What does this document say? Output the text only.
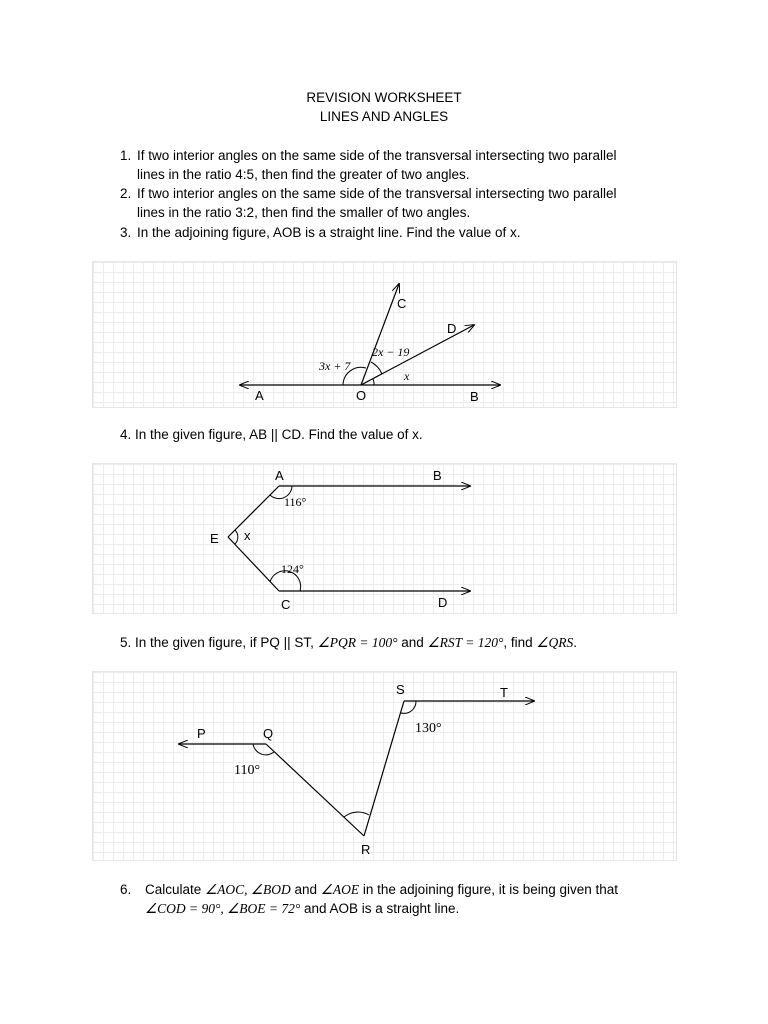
REVISION WORKSHEET
LINES AND ANGLES
1. If two interior angles on the same side of the transversal intersecting two parallel
lines in the ratio 4:5, then find the greater of two angles.
2. If two interior angles on the same side of the transversal intersecting two parallel
lines in the ratio 3:2, then find the smaller of two angles.
3. In the adjoining figure, AOB is a straight line. Find the value of x.
A	O	B
C
D
3x + 7
2x − 19
x
4. In the given figure, AB || CD. Find the value of x.
A	B
E x
C	D
116°
124°
5. In the given figure, if PQ || ST, ∠PQR = 100° and ∠RST = 120°, find ∠QRS.
P	Q
R
S	T
110°
130°
6. Calculate ∠AOC, ∠BOD and ∠AOE in the adjoining figure, it is being given that
∠COD = 90°, ∠BOE = 72° and AOB is a straight line.
